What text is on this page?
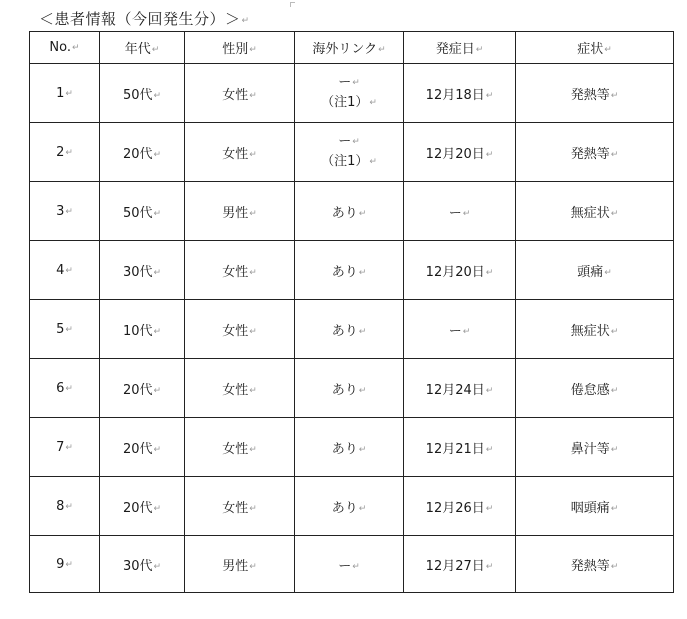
＜患者情報（今回発生分）＞↵
No.↵	年代↵	性別↵	海外リンク↵	発症日↵	症状↵
1↵	50代↵	女性↵	ー↵
（注1）↵	12月18日↵	発熱等↵
2↵	20代↵	女性↵	ー↵
（注1）↵	12月20日↵	発熱等↵
3↵	50代↵	男性↵	あり↵	ー↵	無症状↵
4↵	30代↵	女性↵	あり↵	12月20日↵	頭痛↵
5↵	10代↵	女性↵	あり↵	ー↵	無症状↵
6↵	20代↵	女性↵	あり↵	12月24日↵	倦怠感↵
7↵	20代↵	女性↵	あり↵	12月21日↵	鼻汁等↵
8↵	20代↵	女性↵	あり↵	12月26日↵	咽頭痛↵
9↵	30代↵	男性↵	ー↵	12月27日↵	発熱等↵
